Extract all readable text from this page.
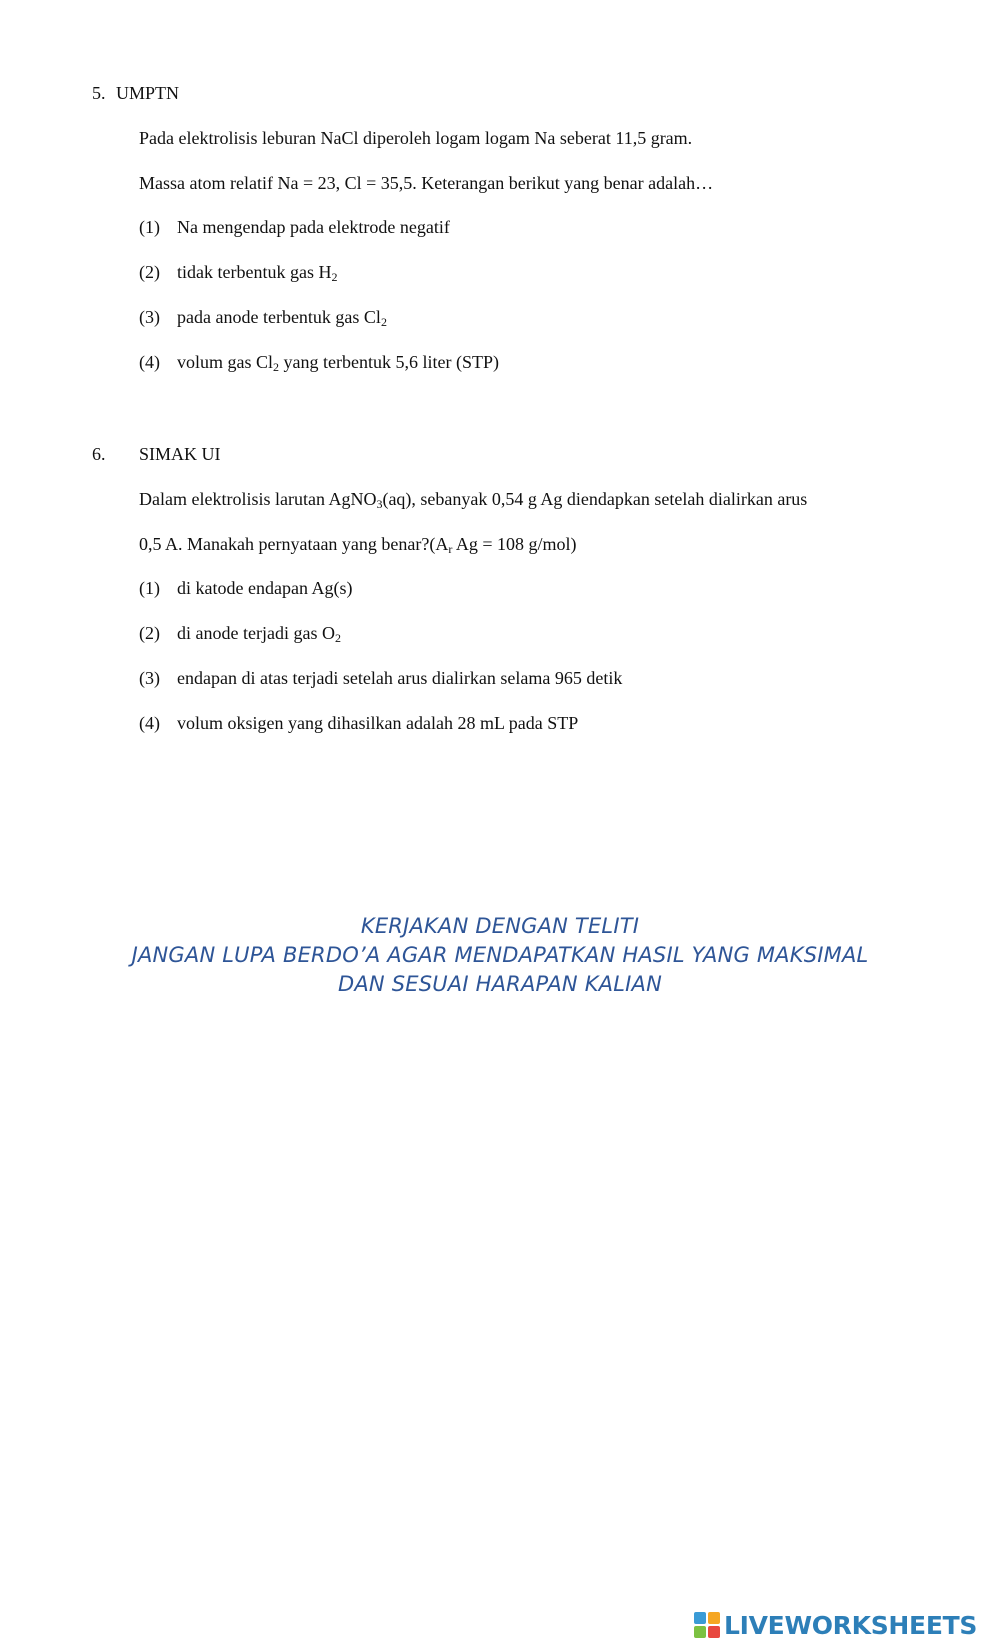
5. UMPTN
Pada elektrolisis leburan NaCl diperoleh logam logam Na seberat 11,5 gram.
Massa atom relatif Na = 23, Cl = 35,5. Keterangan berikut yang benar adalah…
(1) Na mengendap pada elektrode negatif
(2) tidak terbentuk gas $H_2$
(3) pada anode terbentuk gas $Cl_2$
(4) volum gas $Cl_2$ yang terbentuk 5,6 liter (STP)
6. SIMAK UI
Dalam elektrolisis larutan AgNO$_3$(aq), sebanyak 0,54 g Ag diendapkan setelah dialirkan arus
0,5 A. Manakah pernyataan yang $benar?(A_r$ Ag = 108 g/mol)
(1) di katode endapan Ag(s)
(2) di anode terjadi gas $O_2$
(3) endapan di atas terjadi setelah arus dialirkan selama 965 detik
(4) volum oksigen yang dihasilkan adalah 28 mL pada STP
KERJAKAN DENGAN TELITI
JANGAN LUPA BERDO’A AGAR MENDAPATKAN HASIL YANG MAKSIMAL
DAN SESUAI HARAPAN KALIAN
LIVEWORKSHEETS
